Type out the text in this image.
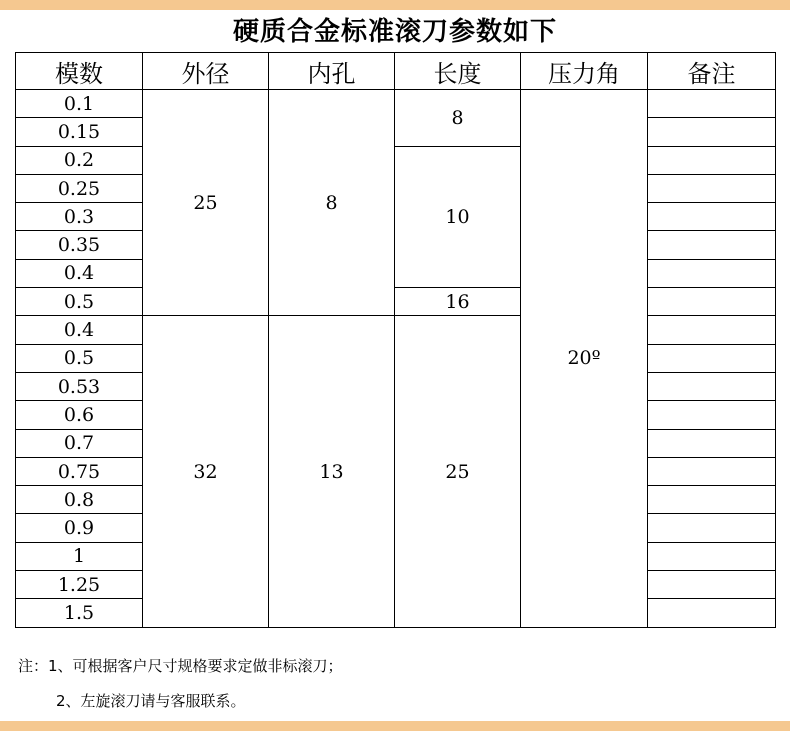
硬质合金标准滚刀参数如下
模数	外径	内孔	长度	压力角	备注
0.1	25	8	8	20º	
0.15					
0.2			10		
0.25					
0.3					
0.35					
0.4					
0.5			16		
0.4	32	13	25		
0.5					
0.53					
0.6					
0.7					
0.75					
0.8					
0.9					
1					
1.25					
1.5					
注：1、可根据客户尺寸规格要求定做非标滚刀；
2、左旋滚刀请与客服联系。
